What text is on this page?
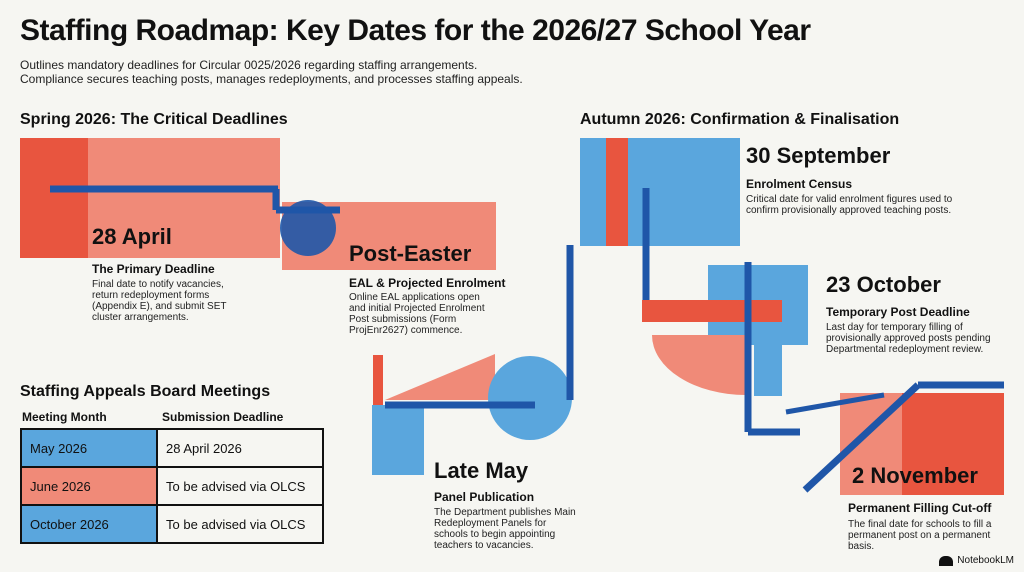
Staffing Roadmap: Key Dates for the 2026/27 School Year
Outlines mandatory deadlines for Circular 0025/2026 regarding staffing arrangements.
Compliance secures teaching posts, manages redeployments, and processes staffing appeals.
Spring 2026: The Critical Deadlines	Autumn 2026: Confirmation & Finalisation
28 April
The Primary Deadline
Final date to notify vacancies,
return redeployment forms
(Appendix E), and submit SET
cluster arrangements.
Post-Easter
EAL & Projected Enrolment
Online EAL applications open
and initial Projected Enrolment
Post submissions (Form
ProjEnr2627) commence.
Late May
Panel Publication
The Department publishes Main
Redeployment Panels for
schools to begin appointing
teachers to vacancies.
30 September
Enrolment Census
Critical date for valid enrolment figures used to
confirm provisionally approved teaching posts.
23 October
Temporary Post Deadline
Last day for temporary filling of
provisionally approved posts pending
Departmental redeployment review.
2 November
Permanent Filling Cut-off
The final date for schools to fill a
permanent post on a permanent
basis.
Staffing Appeals Board Meetings
Meeting Month	Submission Deadline
May 2026	28 April 2026
June 2026	To be advised via OLCS
October 2026	To be advised via OLCS
NotebookLM
